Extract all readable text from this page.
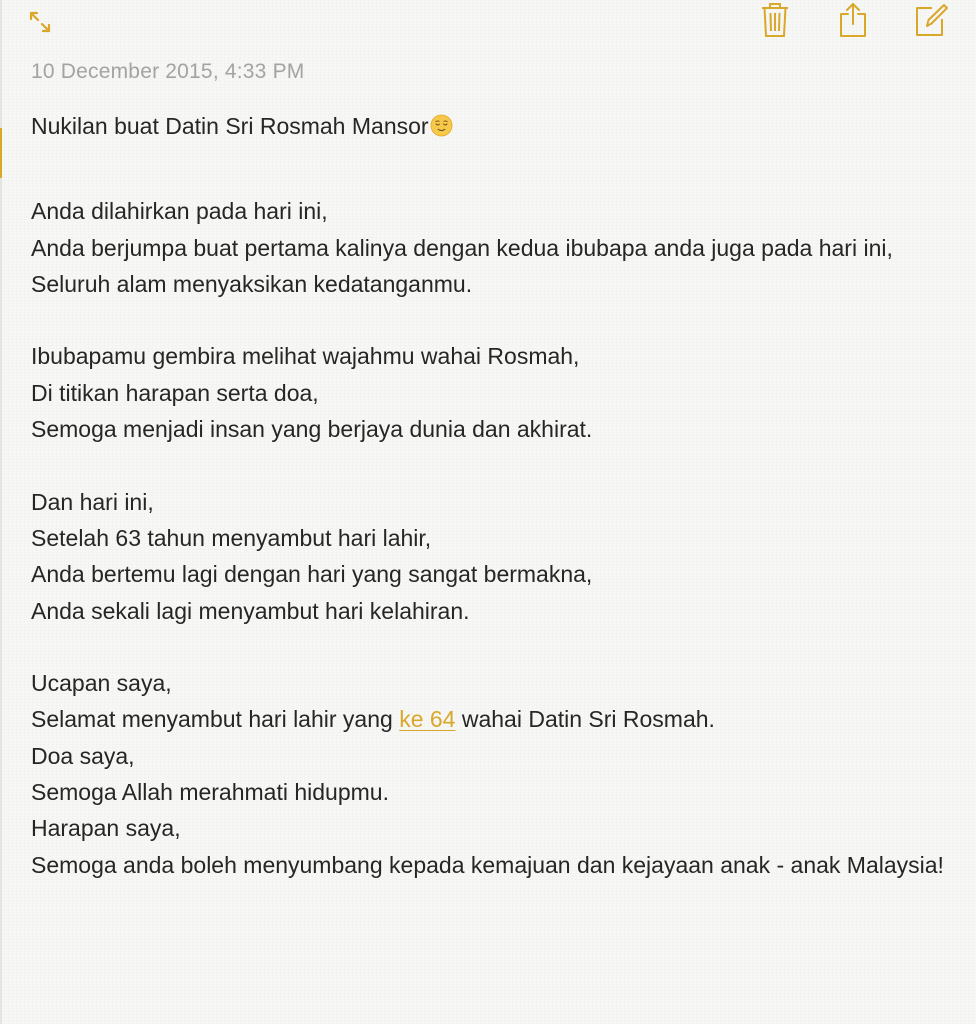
10 December 2015, 4:33 PM

Nukilan buat Datin Sri Rosmah Mansor

Anda dilahirkan pada hari ini,

Anda berjumpa buat pertama kalinya dengan kedua ibubapa anda juga pada hari ini,

Seluruh alam menyaksikan kedatanganmu.

Ibubapamu gembira melihat wajahmu wahai Rosmah,

Di titikan harapan serta doa,

Semoga menjadi insan yang berjaya dunia dan akhirat.

Dan hari ini,

Setelah 63 tahun menyambut hari lahir,

Anda bertemu lagi dengan hari yang sangat bermakna,

Anda sekali lagi menyambut hari kelahiran.

Ucapan saya,

Selamat menyambut hari lahir yang ke 64 wahai Datin Sri Rosmah.

Doa saya,

Semoga Allah merahmati hidupmu.

Harapan saya,

Semoga anda boleh menyumbang kepada kemajuan dan kejayaan anak - anak Malaysia!
